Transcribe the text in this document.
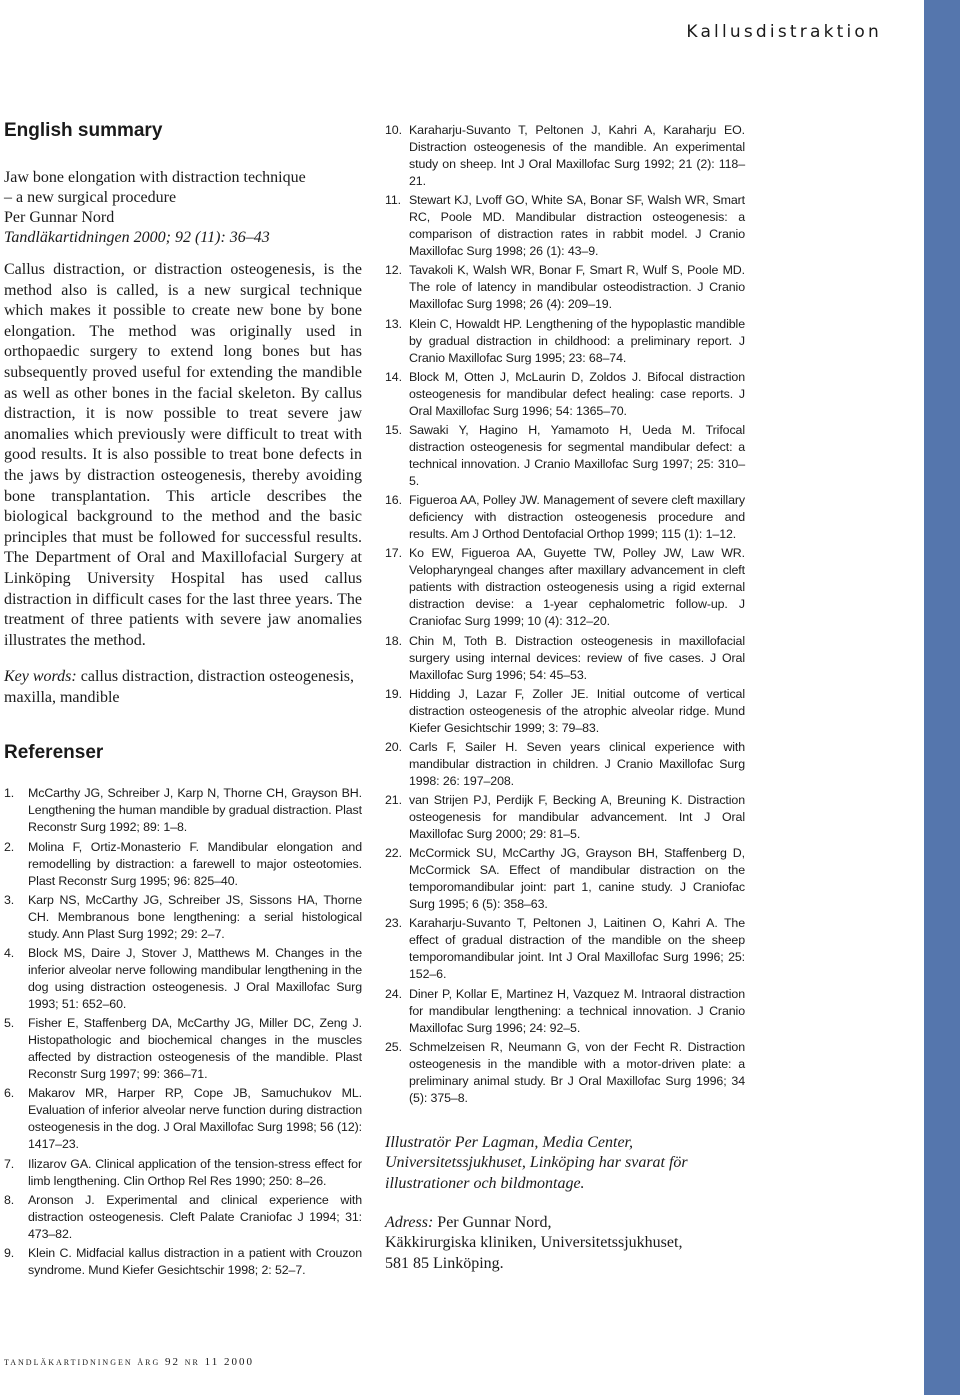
Kallusdistraktion
English summary
Jaw bone elongation with distraction technique
– a new surgical procedure
Per Gunnar Nord
Tandläkartidningen 2000; 92 (11): 36–43

Callus distraction, or distraction osteogenesis, is the method also is called, is a new surgical technique which makes it possible to create new bone by bone elongation. The method was originally used in orthopaedic surgery to extend long bones but has subsequently proved useful for extending the mandible as well as other bones in the facial skeleton. By callus distraction, it is now possible to treat severe jaw anomalies which previously were difficult to treat with good results. It is also possible to treat bone defects in the jaws by distraction osteogenesis, thereby avoiding bone transplantation. This article describes the biological background to the method and the basic principles that must be followed for successful results. The Department of Oral and Maxillofacial Surgery at Linköping University Hospital has used callus distraction in difficult cases for the last three years. The treatment of three patients with severe jaw anomalies illustrates the method.

Key words: callus distraction, distraction osteogenesis, maxilla, mandible
Referenser
1. McCarthy JG, Schreiber J, Karp N, Thorne CH, Grayson BH. Lengthening the human mandible by gradual distraction. Plast Reconstr Surg 1992; 89: 1–8.
2. Molina F, Ortiz-Monasterio F. Mandibular elongation and remodelling by distraction: a farewell to major osteotomies. Plast Reconstr Surg 1995; 96: 825–40.
3. Karp NS, McCarthy JG, Schreiber JS, Sissons HA, Thorne CH. Membranous bone lengthening: a serial histological study. Ann Plast Surg 1992; 29: 2–7.
4. Block MS, Daire J, Stover J, Matthews M. Changes in the inferior alveolar nerve following mandibular lengthening in the dog using distraction osteogenesis. J Oral Maxillofac Surg 1993; 51: 652–60.
5. Fisher E, Staffenberg DA, McCarthy JG, Miller DC, Zeng J. Histopathologic and biochemical changes in the muscles affected by distraction osteogenesis of the mandible. Plast Reconstr Surg 1997; 99: 366–71.
6. Makarov MR, Harper RP, Cope JB, Samuchukov ML. Evaluation of inferior alveolar nerve function during distraction osteogenesis in the dog. J Oral Maxillofac Surg 1998; 56 (12): 1417–23.
7. Ilizarov GA. Clinical application of the tension-stress effect for limb lengthening. Clin Orthop Rel Res 1990; 250: 8–26.
8. Aronson J. Experimental and clinical experience with distraction osteogenesis. Cleft Palate Craniofac J 1994; 31: 473–82.
9. Klein C. Midfacial kallus distraction in a patient with Crouzon syndrome. Mund Kiefer Gesichtschir 1998; 2: 52–7.
10. Karaharju-Suvanto T, Peltonen J, Kahri A, Karaharju EO. Distraction osteogenesis of the mandible. An experimental study on sheep. Int J Oral Maxillofac Surg 1992; 21 (2): 118–21.
11. Stewart KJ, Lvoff GO, White SA, Bonar SF, Walsh WR, Smart RC, Poole MD. Mandibular distraction osteogenesis: a comparison of distraction rates in rabbit model. J Cranio Maxillofac Surg 1998; 26 (1): 43–9.
12. Tavakoli K, Walsh WR, Bonar F, Smart R, Wulf S, Poole MD. The role of latency in mandibular osteodistraction. J Cranio Maxillofac Surg 1998; 26 (4): 209–19.
13. Klein C, Howaldt HP. Lengthening of the hypoplastic mandible by gradual distraction in childhood: a preliminary report. J Cranio Maxillofac Surg 1995; 23: 68–74.
14. Block M, Otten J, McLaurin D, Zoldos J. Bifocal distraction osteogenesis for mandibular defect healing: case reports. J Oral Maxillofac Surg 1996; 54: 1365–70.
15. Sawaki Y, Hagino H, Yamamoto H, Ueda M. Trifocal distraction osteogenesis for segmental mandibular defect: a technical innovation. J Cranio Maxillofac Surg 1997; 25: 310–5.
16. Figueroa AA, Polley JW. Management of severe cleft maxillary deficiency with distraction osteogenesis procedure and results. Am J Orthod Dentofacial Orthop 1999; 115 (1): 1–12.
17. Ko EW, Figueroa AA, Guyette TW, Polley JW, Law WR. Velopharyngeal changes after maxillary advancement in cleft patients with distraction osteogenesis using a rigid external distraction devise: a 1-year cephalometric follow-up. J Craniofac Surg 1999; 10 (4): 312–20.
18. Chin M, Toth B. Distraction osteogenesis in maxillofacial surgery using internal devices: review of five cases. J Oral Maxillofac Surg 1996; 54: 45–53.
19. Hidding J, Lazar F, Zoller JE. Initial outcome of vertical distraction osteogenesis of the atrophic alveolar ridge. Mund Kiefer Gesichtschir 1999; 3: 79–83.
20. Carls F, Sailer H. Seven years clinical experience with mandibular distraction in children. J Cranio Maxillofac Surg 1998: 26: 197–208.
21. van Strijen PJ, Perdijk F, Becking A, Breuning K. Distraction osteogenesis for mandibular advancement. Int J Oral Maxillofac Surg 2000; 29: 81–5.
22. McCormick SU, McCarthy JG, Grayson BH, Staffenberg D, McCormick SA. Effect of mandibular distraction on the temporomandibular joint: part 1, canine study. J Craniofac Surg 1995; 6 (5): 358–63.
23. Karaharju-Suvanto T, Peltonen J, Laitinen O, Kahri A. The effect of gradual distraction of the mandible on the sheep temporomandibular joint. Int J Oral Maxillofac Surg 1996; 25: 152–6.
24. Diner P, Kollar E, Martinez H, Vazquez M. Intraoral distraction for mandibular lengthening: a technical innovation. J Cranio Maxillofac Surg 1996; 24: 92–5.
25. Schmelzeisen R, Neumann G, von der Fecht R. Distraction osteogenesis in the mandible with a motor-driven plate: a preliminary animal study. Br J Oral Maxillofac Surg 1996; 34 (5): 375–8.
Illustratör Per Lagman, Media Center,
Universitetssjukhuset, Linköping har svarat för
illustrationer och bildmontage.
Adress: Per Gunnar Nord,
Käkkirurgiska kliniken, Universitetssjukhuset,
581 85 Linköping.
tandläkartidningen årg 92 nr 11 2000
